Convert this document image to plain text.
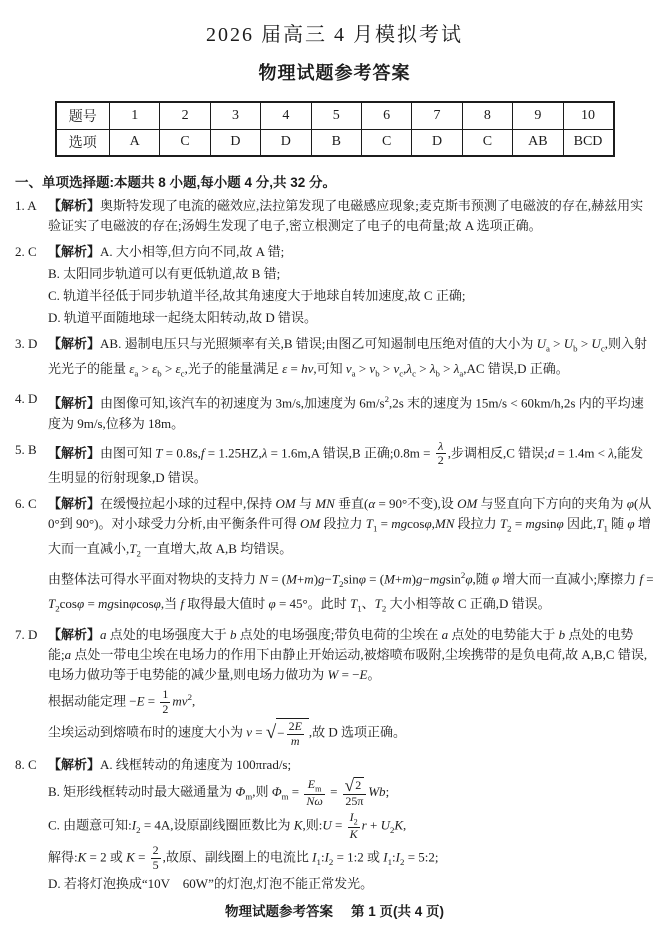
2026 届高三 4 月模拟考试
物理试题参考答案
题号	1	2	3	4	5	6	7	8	9	10
选项	A	C	D	D	B	C	D	C	AB	BCD
一、单项选择题:本题共 8 小题,每小题 4 分,共 32 分。
1. A 【解析】奥斯特发现了电流的磁效应,法拉第发现了电磁感应现象;麦克斯韦预测了电磁波的存在,赫兹用实验证实了电磁波的存在;汤姆生发现了电子,密立根测定了电子的电荷量;故 A 选项正确。

2. C 【解析】A. 大小相等,但方向不同,故 A 错;

B. 太阳同步轨道可以有更低轨道,故 B 错;

C. 轨道半径低于同步轨道半径,故其角速度大于地球自转加速度,故 C 正确;

D. 轨道平面随地球一起绕太阳转动,故 D 错误。

3. D 【解析】AB. 遏制电压只与光照频率有关,B 错误;由图乙可知遏制电压绝对值的大小为 $U_a > U_b > U_c$,则入射光光子的能量 $\varepsilon_a > \varepsilon_b > \varepsilon_c$,光子的能量满足 ε = hv,可知 $v_a > v_b > v_c,\lambda_c > \lambda_b > \lambda_a,AC$ 错误,D 正确。

4. D 【解析】由图像可知,该汽车的初速度为 3m/s,加速度为 $6m/s^2,2s$ 末的速度为 15m/s < 60km/h,2s 内的平均速度为 9m/s,位移为 18m。

5. B 【解析】由图可知 T = 0.8s,f = 1.25HZ,λ = 1.6m,A 错误,B 正确;0.8m = $\frac{\lambda}{2}$ ,步调相反,C 错误;d = 1.4m < λ,能发生明显的衍射现象,D 错误。

6. C 【解析】在缓慢拉起小球的过程中,保持 OM 与 MN 垂直(α = 90°不变),设 OM 与竖直向下方向的夹角为 φ(从 0°到 90°)。对小球受力分析,由平衡条件可得 OM 段拉力 $T_1 = mgcos\varphi,MN$ 段拉力 $T_2 = mgsin\varphi$ 因此$,T_1$ 随 φ 增大而一直减小$,T_2$ 一直增大,故 A,B 均错误。

由整体法可得水平面对物块的支持力 $N = (M+m)g-T_2\sin\varphi = (M+m)g-mgsin^2\varphi$,随 φ 增大而一直减小;摩擦力 $f = T_2\cos\varphi = mgsin\varphi\cos\varphi$,当 f 取得最大值时 φ = 45°。此时 $T_1$、$T_2$ 大小相等故 C 正确,D 错误。

7. D 【解析】a 点处的电场强度大于 b 点处的电场强度;带负电荷的尘埃在 a 点处的电势能大于 b 点处的电势能;a 点处一带电尘埃在电场力的作用下由静止开始运动,被熔喷布吸附,尘埃携带的是负电荷,故 A,B,C 错误,电场力做功等于电势能的减少量,则电场力做功为 W = −E。

根据动能定理 $-E = \frac{1}{2} mv^2$,

尘埃运动到熔喷布时的速度大小为 v = √ − $\frac{2E}{m}$ ,故 D 选项正确。

8. C 【解析】A. 线框转动的角速度为 100πrad/s;

B. 矩形线框转动时最大磁通量为 $\Phi_m$,则 $\Phi_m = \frac{E_m}{N\omega} = \frac{√ 2}{25\pi} Wb$;

C. 由题意可知$:I_2 = 4A$,设原副线圈匝数比为 K,则:U = $\frac{I_2}{K}$ $r + U_2K$,

解得:K = 2 或 $K = \frac{2}{5}$ ,故原、副线圈上的电流比 $I_1:I_2$ = 1:2 或 $I_1:I_2$ = 5:2;

D. 若将灯泡换成“10V　60W”的灯泡,灯泡不能正常发光。

物理试题参考答案 第 1 页(共 4 页)
